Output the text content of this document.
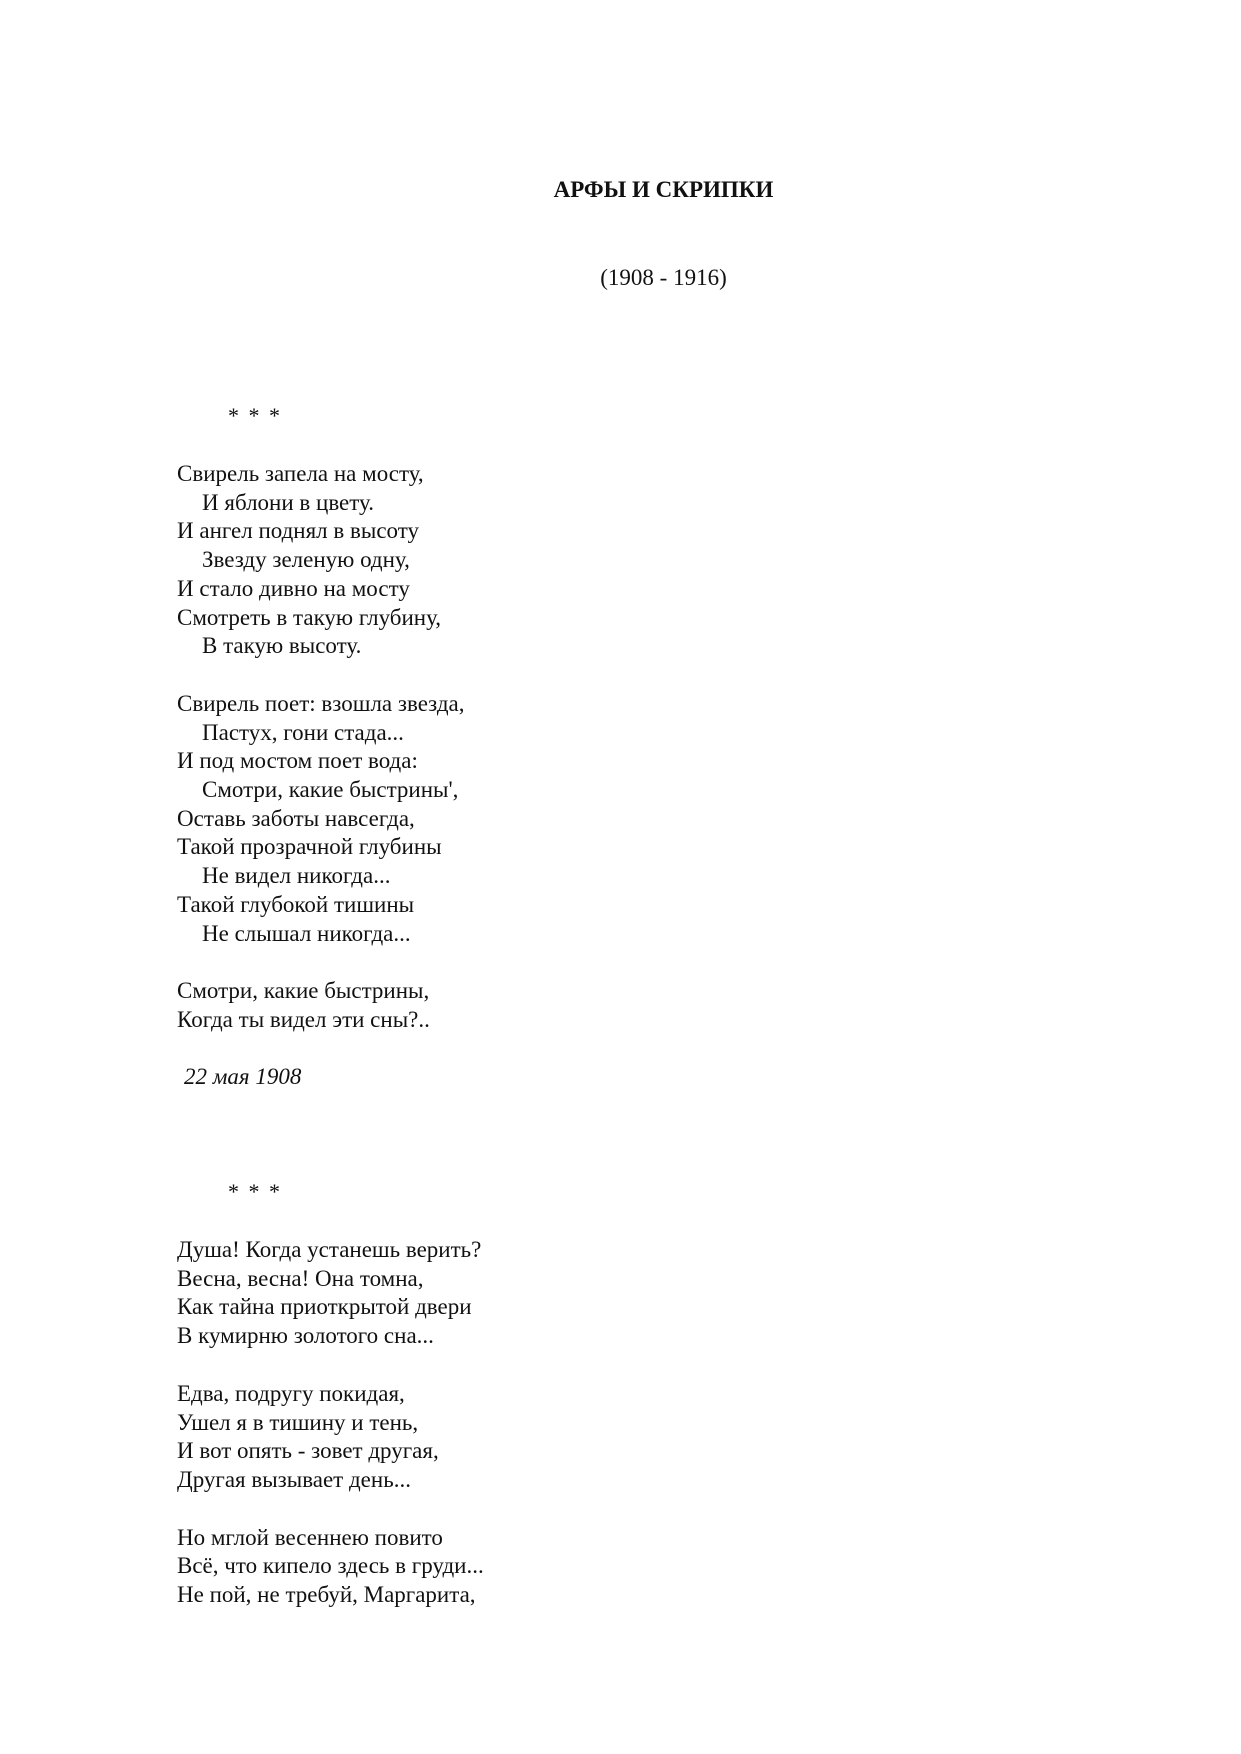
АРФЫ И СКРИПКИ
(1908 - 1916)
* * *
Свирель запела на мосту,
И яблони в цвету.
И ангел поднял в высоту
Звезду зеленую одну,
И стало дивно на мосту
Смотреть в такую глубину,
В такую высоту.
Свирель поет: взошла звезда,
Пастух, гони стада...
И под мостом поет вода:
Смотри, какие быстрины',
Оставь заботы навсегда,
Такой прозрачной глубины
Не видел никогда...
Такой глубокой тишины
Не слышал никогда...
Смотри, какие быстрины,
Когда ты видел эти сны?..
22 мая 1908
* * *
Душа! Когда устанешь верить?
Весна, весна! Она томна,
Как тайна приоткрытой двери
В кумирню золотого сна...
Едва, подругу покидая,
Ушел я в тишину и тень,
И вот опять - зовет другая,
Другая вызывает день...
Но мглой весеннею повито
Всё, что кипело здесь в груди...
Не пой, не требуй, Маргарита,
